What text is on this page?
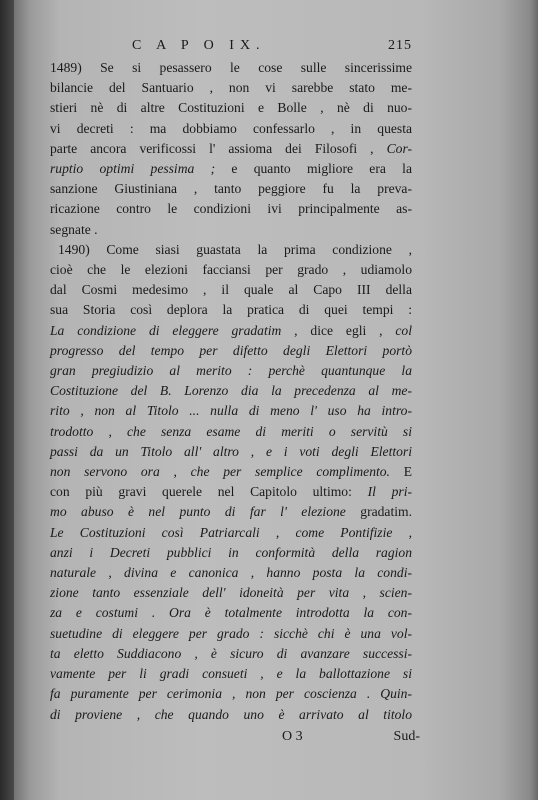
C A P O IX.	215
1489) Se si pesassero le cose sulle sincerissime
bilancie del Santuario , non vi sarebbe stato me-
stieri nè di altre Costituzioni e Bolle , nè di nuo-
vi decreti : ma dobbiamo confessarlo , in questa
parte ancora verificossi l' assioma dei Filosofi , Cor-
ruptio optimi pessima ; e quanto migliore era la
sanzione Giustiniana , tanto peggiore fu la preva-
ricazione contro le condizioni ivi principalmente as-
segnate .
1490) Come siasi guastata la prima condizione ,
cioè che le elezioni facciansi per grado , udiamolo
dal Cosmi medesimo , il quale al Capo III della
sua Storia così deplora la pratica di quei tempi :
La condizione di eleggere gradatim , dice egli , col
progresso del tempo per difetto degli Elettori portò
gran pregiudizio al merito : perchè quantunque la
Costituzione del B. Lorenzo dia la precedenza al me-
rito , non al Titolo ... nulla di meno l' uso ha intro-
trodotto , che senza esame di meriti o servitù si
passi da un Titolo all' altro , e i voti degli Elettori
non servono ora , che per semplice complimento. E
con più gravi querele nel Capitolo ultimo: Il pri-
mo abuso è nel punto di far l' elezione gradatim.
Le Costituzioni così Patriarcali , come Pontifizie ,
anzi i Decreti pubblici in conformità della ragion
naturale , divina e canonica , hanno posta la condi-
zione tanto essenziale dell' idoneità per vita , scien-
za e costumi . Ora è totalmente introdotta la con-
suetudine di eleggere per grado : sicchè chi è una vol-
ta eletto Suddiacono , è sicuro di avanzare successi-
vamente per li gradi consueti , e la ballottazione si
fa puramente per cerimonia , non per coscienza . Quin-
di proviene , che quando uno è arrivato al titolo
O 3	Sud-
